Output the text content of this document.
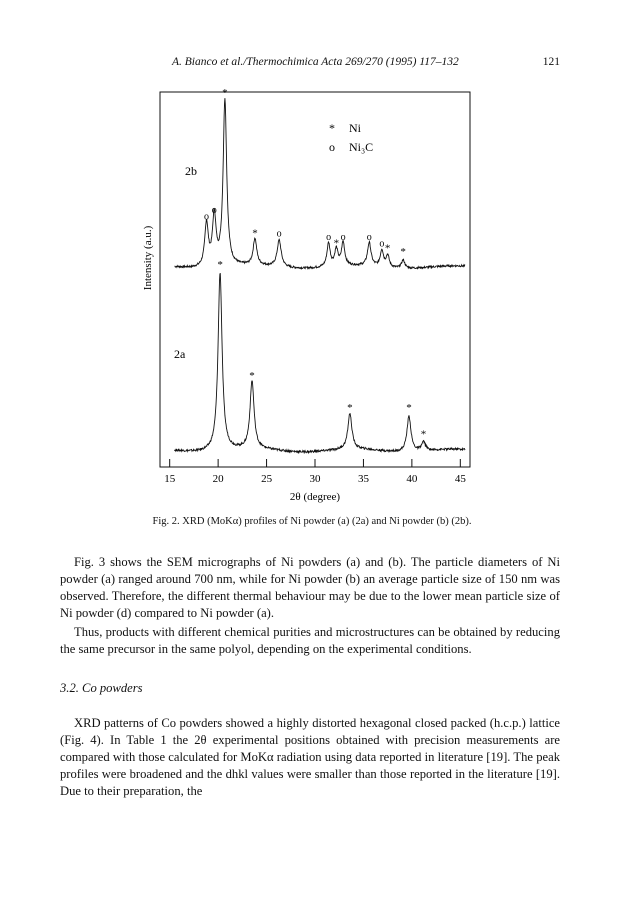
A. Bianco et al./Thermochimica Acta 269/270 (1995) 117–132	121
* Ni
o Ni₃C
2b
2a
Intensity (a.u.)
2θ (degree)
15	20	25	30	35	40	45
o
o
*
* o	o
*
o o
o * *
*
*
*	*
*
Fig. 2. XRD (MoKα) profiles of Ni powder (a) (2a) and Ni powder (b) (2b).

Fig. 3 shows the SEM micrographs of Ni powders (a) and (b). The particle diameters of Ni powder (a) ranged around 700 nm, while for Ni powder (b) an average particle size of 150 nm was observed. Therefore, the different thermal behaviour may be due to the lower mean particle size of Ni powder (d) compared to Ni powder (a).

Thus, products with different chemical purities and microstructures can be obtained by reducing the same precursor in the same polyol, depending on the experimental conditions.

3.2. Co powders

XRD patterns of Co powders showed a highly distorted hexagonal closed packed (h.c.p.) lattice (Fig. 4). In Table 1 the 2θ experimental positions obtained with precision measurements are compared with those calculated for MoKα radiation using data reported in literature [19]. The peak profiles were broadened and the dhkl values were smaller than those reported in the literature [19]. Due to their preparation, the
